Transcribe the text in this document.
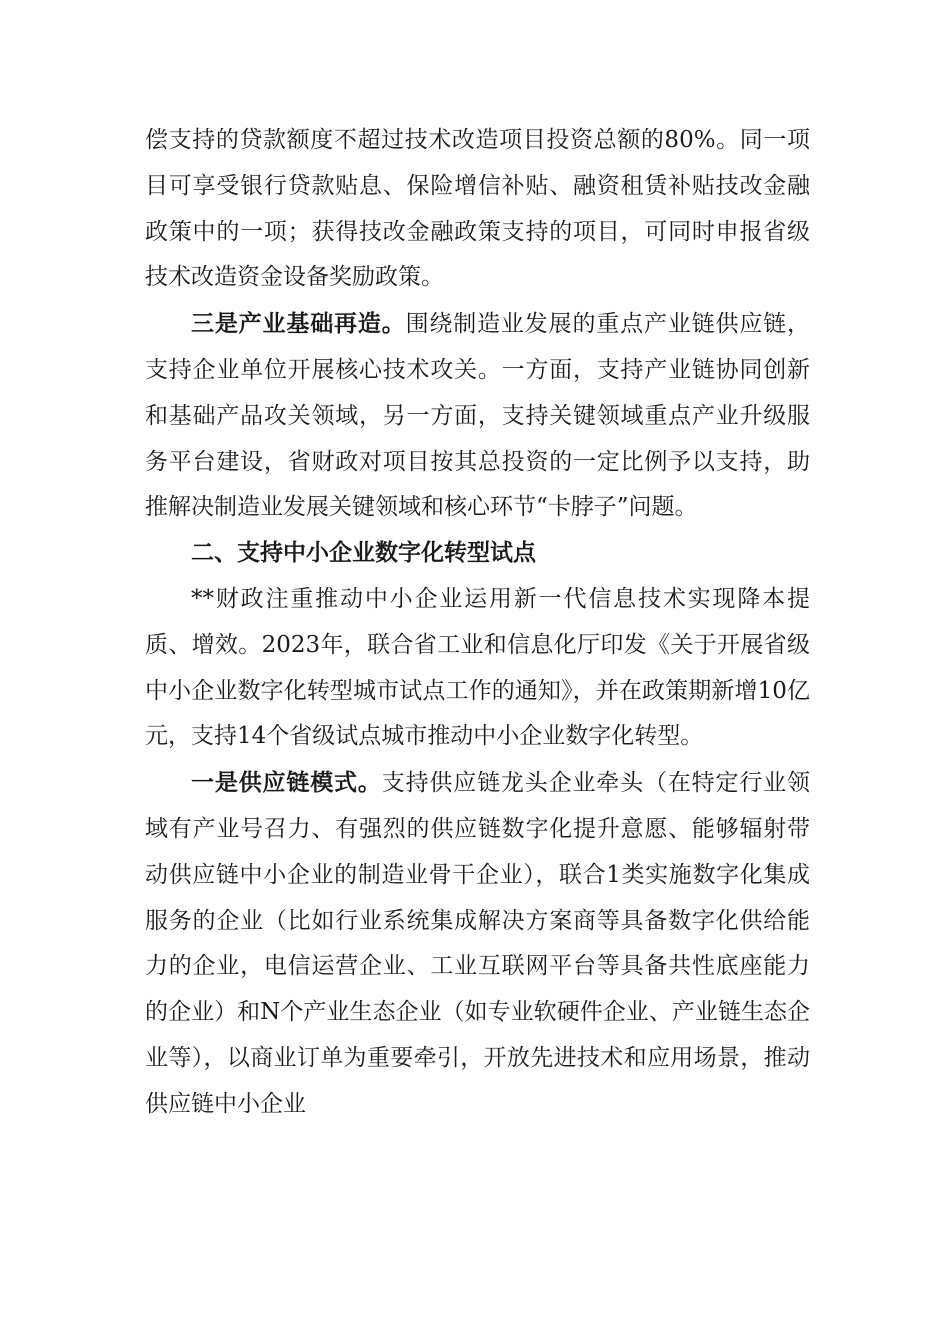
偿支持的贷款额度不超过技术改造项目投资总额的80%。同一项目可享受银行贷款贴息、保险增信补贴、融资租赁补贴技改金融政策中的一项；获得技改金融政策支持的项目，可同时申报省级技术改造资金设备奖励政策。

三是产业基础再造。围绕制造业发展的重点产业链供应链，支持企业单位开展核心技术攻关。一方面，支持产业链协同创新和基础产品攻关领域，另一方面，支持关键领域重点产业升级服务平台建设，省财政对项目按其总投资的一定比例予以支持，助推解决制造业发展关键领域和核心环节“卡脖子”问题。

二、支持中小企业数字化转型试点

**财政注重推动中小企业运用新一代信息技术实现降本提质、增效。2023年，联合省工业和信息化厅印发《关于开展省级中小企业数字化转型城市试点工作的通知》，并在政策期新增10亿元，支持14个省级试点城市推动中小企业数字化转型。

一是供应链模式。支持供应链龙头企业牵头（在特定行业领域有产业号召力、有强烈的供应链数字化提升意愿、能够辐射带动供应链中小企业的制造业骨干企业），联合1类实施数字化集成服务的企业（比如行业系统集成解决方案商等具备数字化供给能力的企业，电信运营企业、工业互联网平台等具备共性底座能力的企业）和N个产业生态企业（如专业软硬件企业、产业链生态企业等），以商业订单为重要牵引，开放先进技术和应用场景，推动供应链中小企业
